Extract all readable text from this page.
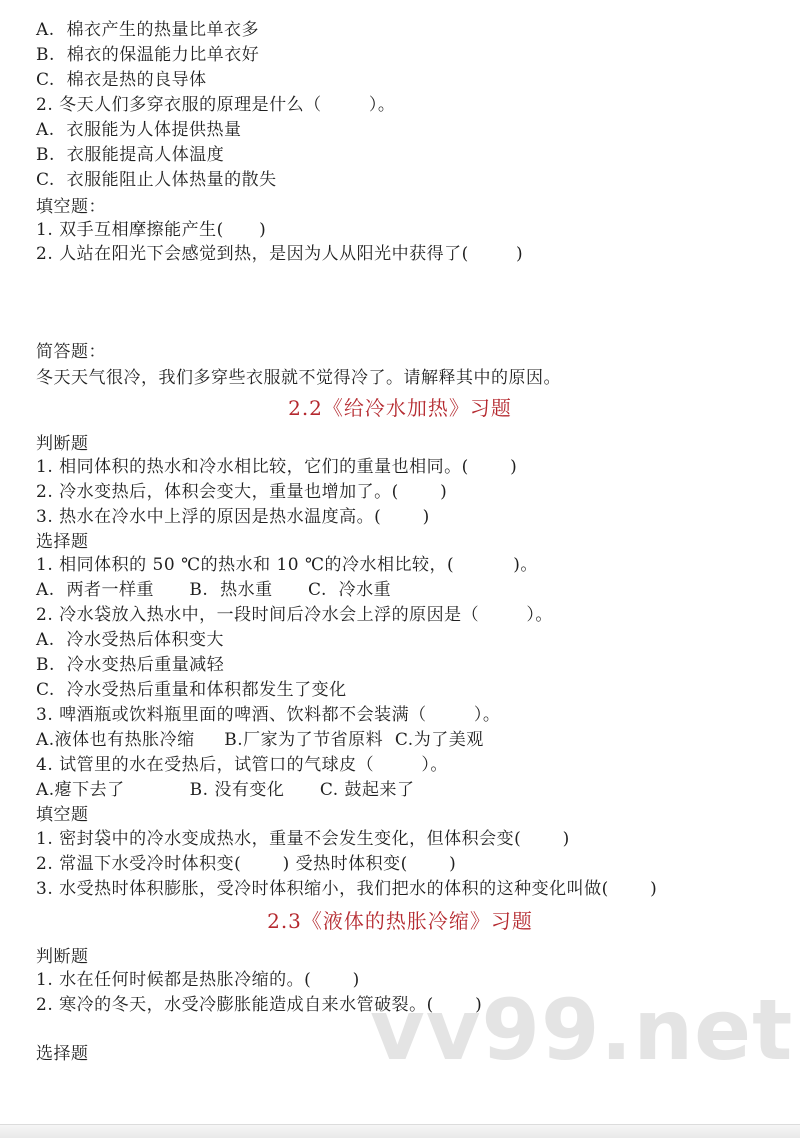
A.  棉衣产生的热量比单衣多
B.  棉衣的保温能力比单衣好
C.  棉衣是热的良导体
2. 冬天人们多穿衣服的原理是什么（        ）。
A.  衣服能为人体提供热量
B.  衣服能提高人体温度
C.  衣服能阻止人体热量的散失
填空题：
1. 双手互相摩擦能产生(      )
2. 人站在阳光下会感觉到热，是因为人从阳光中获得了(        )
简答题：
冬天天气很冷，我们多穿些衣服就不觉得冷了。请解释其中的原因。
2.2《给冷水加热》习题
判断题
1. 相同体积的热水和冷水相比较，它们的重量也相同。(       )
2. 冷水变热后，体积会变大，重量也增加了。(       )
3. 热水在冷水中上浮的原因是热水温度高。(       )
选择题
1. 相同体积的 50 ℃的热水和 10 ℃的冷水相比较，(          )。
A.  两者一样重      B.  热水重      C.  冷水重
2. 冷水袋放入热水中，一段时间后冷水会上浮的原因是（        ）。
A.  冷水受热后体积变大
B.  冷水变热后重量减轻
C.  冷水受热后重量和体积都发生了变化
3. 啤酒瓶或饮料瓶里面的啤酒、饮料都不会装满（        ）。
A.液体也有热胀冷缩     B.厂家为了节省原料  C.为了美观
4. 试管里的水在受热后，试管口的气球皮（        ）。
A.瘪下去了           B. 没有变化      C. 鼓起来了
填空题
1. 密封袋中的冷水变成热水，重量不会发生变化，但体积会变(       )
2. 常温下水受冷时体积变(       ) 受热时体积变(       )
3. 水受热时体积膨胀，受冷时体积缩小，我们把水的体积的这种变化叫做(       )
2.3《液体的热胀冷缩》习题
判断题
1. 水在任何时候都是热胀冷缩的。(       )
2. 寒冷的冬天，水受冷膨胀能造成自来水管破裂。(       )
选择题	vv99.net
